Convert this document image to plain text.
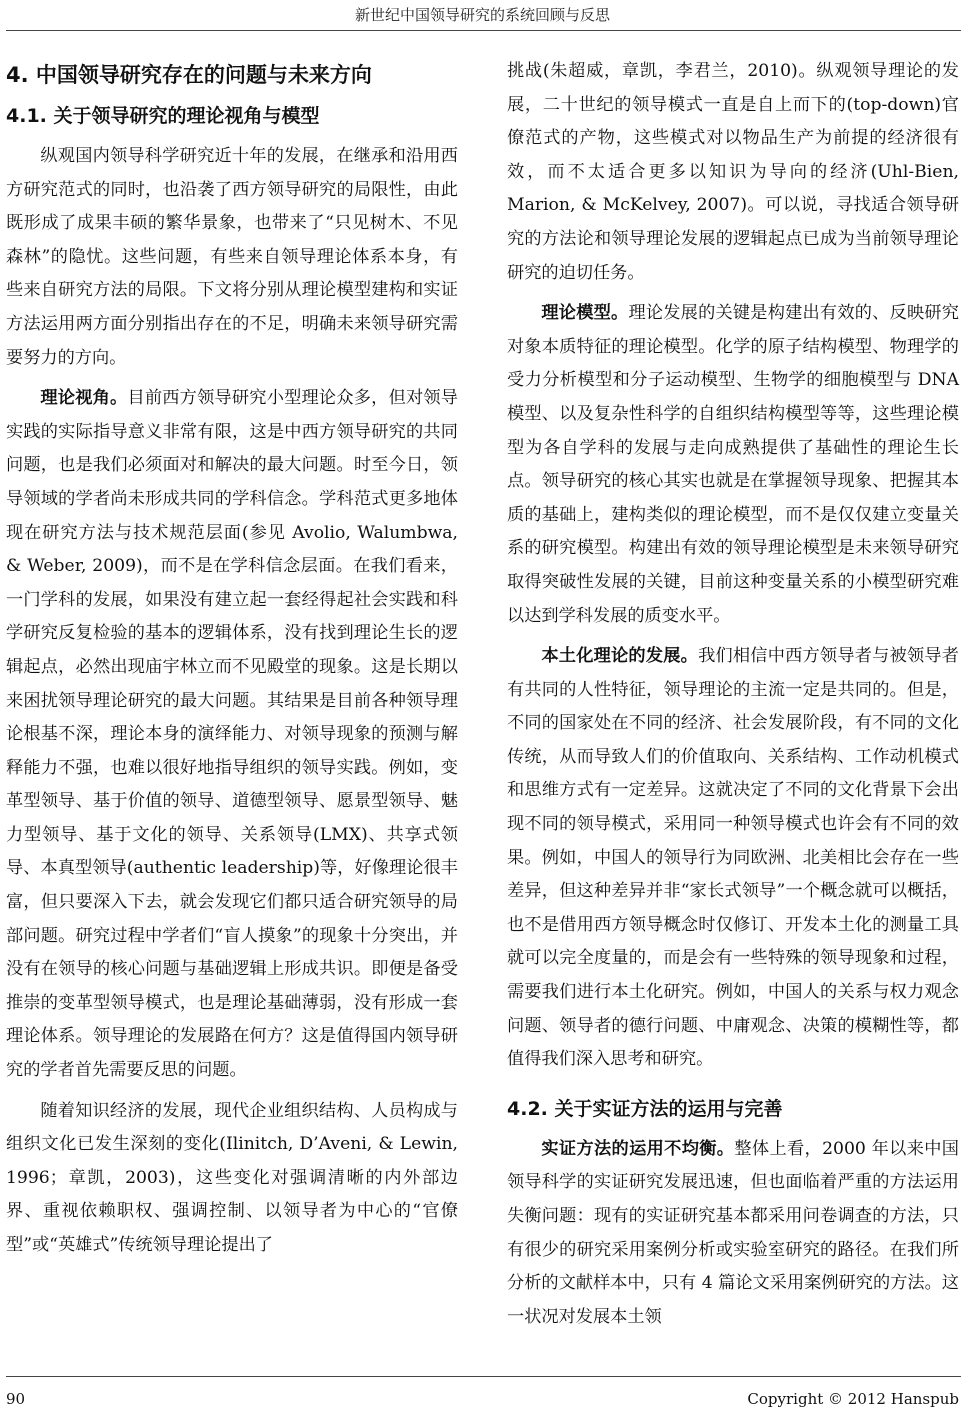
新世纪中国领导研究的系统回顾与反思
4. 中国领导研究存在的问题与未来方向
4.1. 关于领导研究的理论视角与模型

纵观国内领导科学研究近十年的发展，在继承和沿用西方研究范式的同时，也沿袭了西方领导研究的局限性，由此既形成了成果丰硕的繁华景象，也带来了“只见树木、不见森林”的隐忧。这些问题，有些来自领导理论体系本身，有些来自研究方法的局限。下文将分别从理论模型建构和实证方法运用两方面分别指出存在的不足，明确未来领导研究需要努力的方向。

理论视角。目前西方领导研究小型理论众多，但对领导实践的实际指导意义非常有限，这是中西方领导研究的共同问题，也是我们必须面对和解决的最大问题。时至今日，领导领域的学者尚未形成共同的学科信念。学科范式更多地体现在研究方法与技术规范层面(参见 Avolio, Walumbwa, & Weber, 2009)，而不是在学科信念层面。在我们看来，一门学科的发展，如果没有建立起一套经得起社会实践和科学研究反复检验的基本的逻辑体系，没有找到理论生长的逻辑起点，必然出现庙宇林立而不见殿堂的现象。这是长期以来困扰领导理论研究的最大问题。其结果是目前各种领导理论根基不深，理论本身的演绎能力、对领导现象的预测与解释能力不强，也难以很好地指导组织的领导实践。例如，变革型领导、基于价值的领导、道德型领导、愿景型领导、魅力型领导、基于文化的领导、关系领导(LMX)、共享式领导、本真型领导(authentic leadership)等，好像理论很丰富，但只要深入下去，就会发现它们都只适合研究领导的局部问题。研究过程中学者们“盲人摸象”的现象十分突出，并没有在领导的核心问题与基础逻辑上形成共识。即便是备受推崇的变革型领导模式，也是理论基础薄弱，没有形成一套理论体系。领导理论的发展路在何方？这是值得国内领导研究的学者首先需要反思的问题。

随着知识经济的发展，现代企业组织结构、人员构成与组织文化已发生深刻的变化(Ilinitch, D’Aveni, & Lewin, 1996；章凯，2003)，这些变化对强调清晰的内外部边界、重视依赖职权、强调控制、以领导者为中心的“官僚型”或“英雄式”传统领导理论提出了

挑战(朱超威，章凯，李君兰，2010)。纵观领导理论的发展，二十世纪的领导模式一直是自上而下的(top-down)官僚范式的产物，这些模式对以物品生产为前提的经济很有效，而不太适合更多以知识为导向的经济(Uhl-Bien, Marion, & McKelvey, 2007)。可以说，寻找适合领导研究的方法论和领导理论发展的逻辑起点已成为当前领导理论研究的迫切任务。

理论模型。理论发展的关键是构建出有效的、反映研究对象本质特征的理论模型。化学的原子结构模型、物理学的受力分析模型和分子运动模型、生物学的细胞模型与 DNA 模型、以及复杂性科学的自组织结构模型等等，这些理论模型为各自学科的发展与走向成熟提供了基础性的理论生长点。领导研究的核心其实也就是在掌握领导现象、把握其本质的基础上，建构类似的理论模型，而不是仅仅建立变量关系的研究模型。构建出有效的领导理论模型是未来领导研究取得突破性发展的关键，目前这种变量关系的小模型研究难以达到学科发展的质变水平。

本土化理论的发展。我们相信中西方领导者与被领导者有共同的人性特征，领导理论的主流一定是共同的。但是，不同的国家处在不同的经济、社会发展阶段，有不同的文化传统，从而导致人们的价值取向、关系结构、工作动机模式和思维方式有一定差异。这就决定了不同的文化背景下会出现不同的领导模式，采用同一种领导模式也许会有不同的效果。例如，中国人的领导行为同欧洲、北美相比会存在一些差异，但这种差异并非“家长式领导”一个概念就可以概括，也不是借用西方领导概念时仅修订、开发本土化的测量工具就可以完全度量的，而是会有一些特殊的领导现象和过程，需要我们进行本土化研究。例如，中国人的关系与权力观念问题、领导者的德行问题、中庸观念、决策的模糊性等，都值得我们深入思考和研究。

4.2. 关于实证方法的运用与完善

实证方法的运用不均衡。整体上看，2000 年以来中国领导科学的实证研究发展迅速，但也面临着严重的方法运用失衡问题：现有的实证研究基本都采用问卷调查的方法，只有很少的研究采用案例分析或实验室研究的路径。在我们所分析的文献样本中，只有 4 篇论文采用案例研究的方法。这一状况对发展本土领

90	Copyright © 2012 Hanspub
